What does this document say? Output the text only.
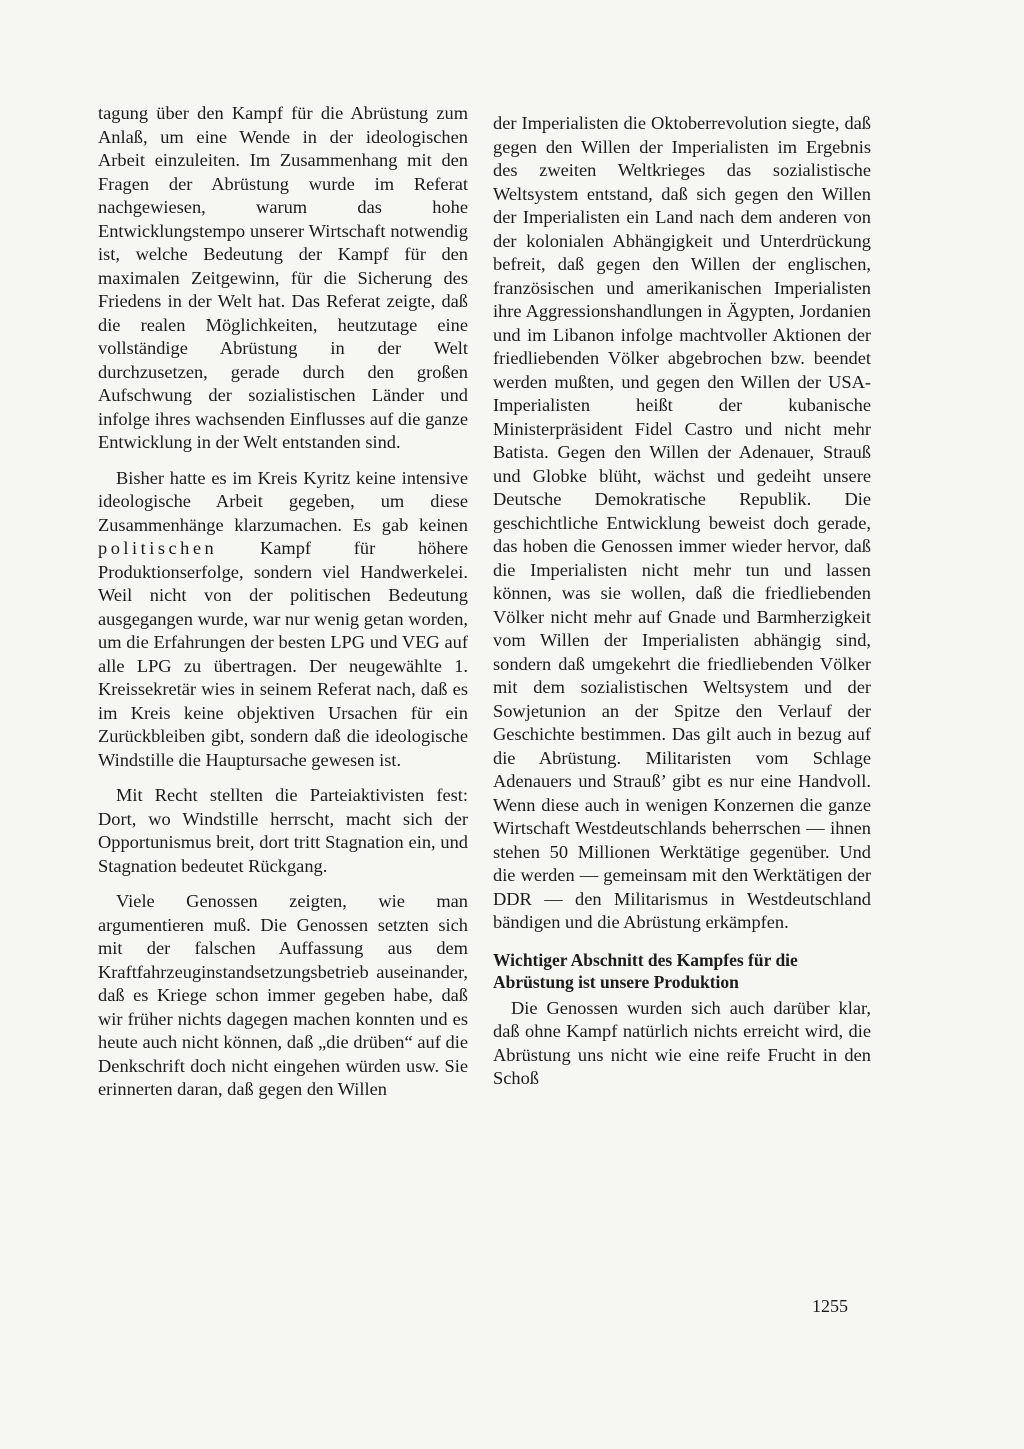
tagung über den Kampf für die Abrüstung zum Anlaß, um eine Wende in der ideologischen Arbeit einzuleiten. Im Zusammenhang mit den Fragen der Abrüstung wurde im Referat nachgewiesen, warum das hohe Entwicklungstempo unserer Wirtschaft notwendig ist, welche Bedeutung der Kampf für den maximalen Zeitgewinn, für die Sicherung des Friedens in der Welt hat. Das Referat zeigte, daß die realen Möglichkeiten, heutzutage eine vollständige Abrüstung in der Welt durchzusetzen, gerade durch den großen Aufschwung der sozialistischen Länder und infolge ihres wachsenden Einflusses auf die ganze Entwicklung in der Welt entstanden sind.

Bisher hatte es im Kreis Kyritz keine intensive ideologische Arbeit gegeben, um diese Zusammenhänge klarzumachen. Es gab keinen politischen Kampf für höhere Produktionserfolge, sondern viel Handwerkelei. Weil nicht von der politischen Bedeutung ausgegangen wurde, war nur wenig getan worden, um die Erfahrungen der besten LPG und VEG auf alle LPG zu übertragen. Der neugewählte 1. Kreissekretär wies in seinem Referat nach, daß es im Kreis keine objektiven Ursachen für ein Zurückbleiben gibt, sondern daß die ideologische Windstille die Hauptursache gewesen ist.

Mit Recht stellten die Parteiaktivisten fest: Dort, wo Windstille herrscht, macht sich der Opportunismus breit, dort tritt Stagnation ein, und Stagnation bedeutet Rückgang.

Viele Genossen zeigten, wie man argumentieren muß. Die Genossen setzten sich mit der falschen Auffassung aus dem Kraftfahrzeuginstandsetzungsbetrieb auseinander, daß es Kriege schon immer gegeben habe, daß wir früher nichts dagegen machen konnten und es heute auch nicht können, daß „die drüben“ auf die Denkschrift doch nicht eingehen würden usw. Sie erinnerten daran, daß gegen den Willen

der Imperialisten die Oktoberrevolution siegte, daß gegen den Willen der Imperialisten im Ergebnis des zweiten Weltkrieges das sozialistische Weltsystem entstand, daß sich gegen den Willen der Imperialisten ein Land nach dem anderen von der kolonialen Abhängigkeit und Unterdrückung befreit, daß gegen den Willen der englischen, französischen und amerikanischen Imperialisten ihre Aggressionshandlungen in Ägypten, Jordanien und im Libanon infolge machtvoller Aktionen der friedliebenden Völker abgebrochen bzw. beendet werden mußten, und gegen den Willen der USA-Imperialisten heißt der kubanische Ministerpräsident Fidel Castro und nicht mehr Batista. Gegen den Willen der Adenauer, Strauß und Globke blüht, wächst und gedeiht unsere Deutsche Demokratische Republik. Die geschichtliche Entwicklung beweist doch gerade, das hoben die Genossen immer wieder hervor, daß die Imperialisten nicht mehr tun und lassen können, was sie wollen, daß die friedliebenden Völker nicht mehr auf Gnade und Barmherzigkeit vom Willen der Imperialisten abhängig sind, sondern daß umgekehrt die friedliebenden Völker mit dem sozialistischen Weltsystem und der Sowjetunion an der Spitze den Verlauf der Geschichte bestimmen. Das gilt auch in bezug auf die Abrüstung. Militaristen vom Schlage Adenauers und Strauß’ gibt es nur eine Handvoll. Wenn diese auch in wenigen Konzernen die ganze Wirtschaft Westdeutschlands beherrschen — ihnen stehen 50 Millionen Werktätige gegenüber. Und die werden — gemeinsam mit den Werktätigen der DDR — den Militarismus in Westdeutschland bändigen und die Abrüstung erkämpfen.

Wichtiger Abschnitt des Kampfes für die Abrüstung ist unsere Produktion

Die Genossen wurden sich auch darüber klar, daß ohne Kampf natürlich nichts erreicht wird, die Abrüstung uns nicht wie eine reife Frucht in den Schoß

1255
